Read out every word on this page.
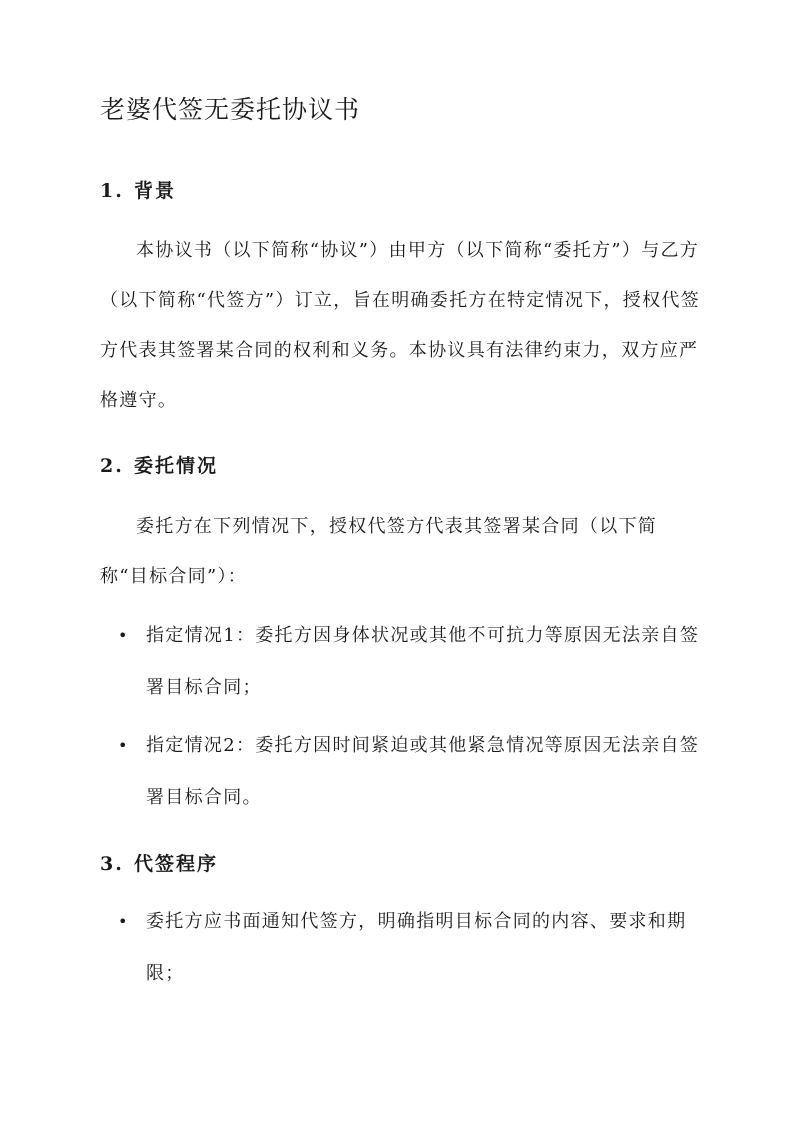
老婆代签无委托协议书
1. 背景

本协议书（以下简称“协议”）由甲方（以下简称“委托方”）与乙方（以下简称“代签方”）订立，旨在明确委托方在特定情况下，授权代签方代表其签署某合同的权利和义务。本协议具有法律约束力，双方应严格遵守。

2. 委托情况

委托方在下列情况下，授权代签方代表其签署某合同（以下简称“目标合同”）：

• 指定情况1：委托方因身体状况或其他不可抗力等原因无法亲自签署目标合同；
• 指定情况2：委托方因时间紧迫或其他紧急情况等原因无法亲自签署目标合同。
3. 代签程序
• 委托方应书面通知代签方，明确指明目标合同的内容、要求和期限；
